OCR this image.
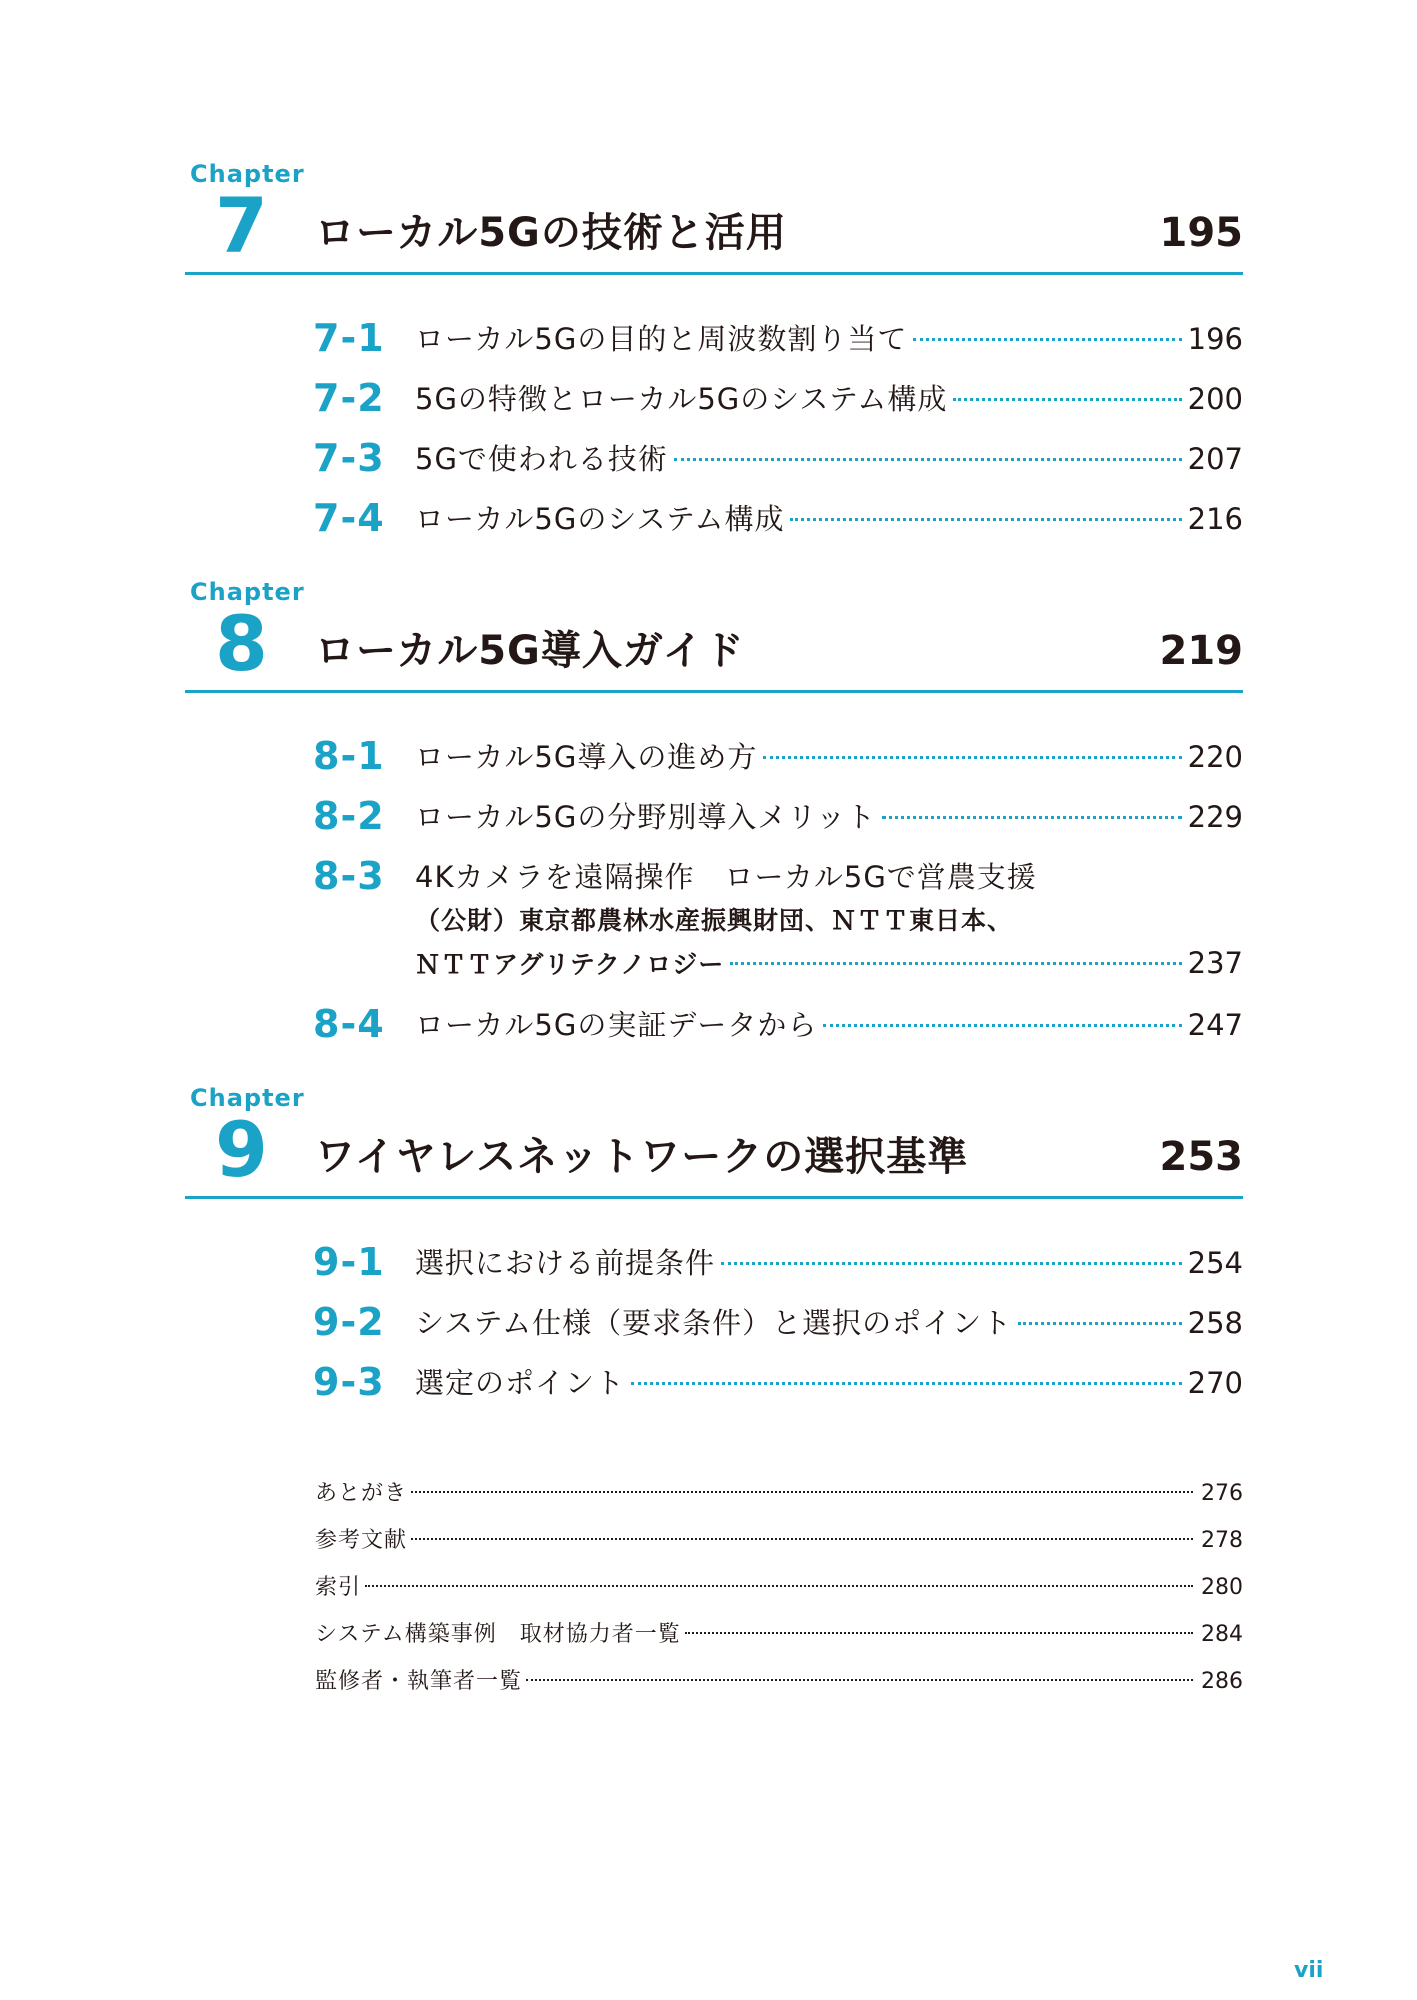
Chapter
7 ローカル5Gの技術と活用	195
7-1 ローカル5Gの目的と周波数割り当て	196
7-2 5Gの特徴とローカル5Gのシステム構成	200
7-3 5Gで使われる技術	207
7-4 ローカル5Gのシステム構成	216
Chapter
8 ローカル5G導入ガイド	219
8-1 ローカル5G導入の進め方	220
8-2 ローカル5Gの分野別導入メリット	229
8-3 4Kカメラを遠隔操作　ローカル5Gで営農支援
（公財）東京都農林水産振興財団、ＮＴＴ東日本、
ＮＴＴアグリテクノロジー	237
8-4 ローカル5Gの実証データから	247
Chapter
9 ワイヤレスネットワークの選択基準	253
9-1 選択における前提条件	254
9-2 システム仕様（要求条件）と選択のポイント	258
9-3 選定のポイント	270
あとがき	276
参考文献	278
索引	280
システム構築事例　取材協力者一覧	284
監修者・執筆者一覧	286
vii
